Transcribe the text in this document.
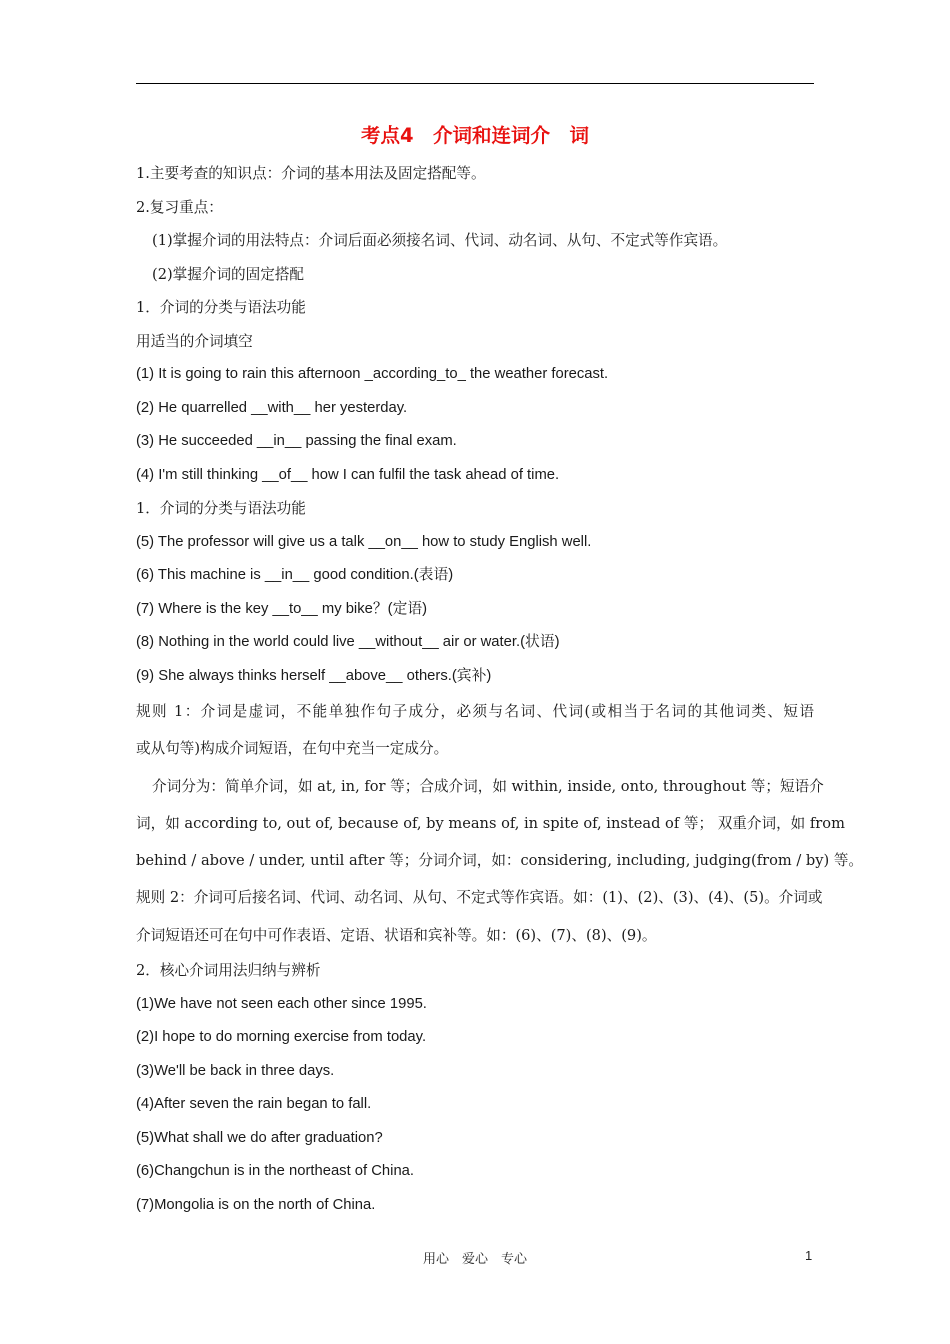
考点4　介词和连词介　词
1.主要考查的知识点：介词的基本用法及固定搭配等。
2.复习重点：
(1)掌握介词的用法特点：介词后面必须接名词、代词、动名词、从句、不定式等作宾语。
(2)掌握介词的固定搭配
1．介词的分类与语法功能
用适当的介词填空
(1) It is going to rain this afternoon _according_to_ the weather forecast.
(2) He quarrelled __with__ her yesterday.
(3) He succeeded __in__ passing the final exam.
(4) I'm still thinking __of__ how I can fulfil the task ahead of time.
1．介词的分类与语法功能
(5) The professor will give us a talk __on__ how to study English well.
(6) This machine is __in__ good condition.(表语)
(7) Where is the key __to__ my bike？(定语)
(8) Nothing in the world could live __without__ air or water.(状语)
(9) She always thinks herself __above__ others.(宾补)
规则 1：介词是虚词，不能单独作句子成分，必须与名词、代词(或相当于名词的其他词类、短语
或从句等)构成介词短语，在句中充当一定成分。
介词分为：简单介词，如 at, in, for 等；合成介词，如 within, inside, onto, throughout 等；短语介
词，如 according to, out of, because of, by means of, in spite of, instead of 等； 双重介词，如 from
behind / above / under, until after 等；分词介词，如：considering, including, judging(from / by) 等。
规则 2：介词可后接名词、代词、动名词、从句、不定式等作宾语。如：(1)、(2)、(3)、(4)、(5)。介词或
介词短语还可在句中可作表语、定语、状语和宾补等。如：(6)、(7)、(8)、(9)。
2．核心介词用法归纳与辨析
(1)We have not seen each other since 1995.
(2)I hope to do morning exercise from today.
(3)We'll be back in three days.
(4)After seven the rain began to fall.
(5)What shall we do after graduation?
(6)Changchun is in the northeast of China.
(7)Mongolia is on the north of China.
用心　爱心　专心	1
